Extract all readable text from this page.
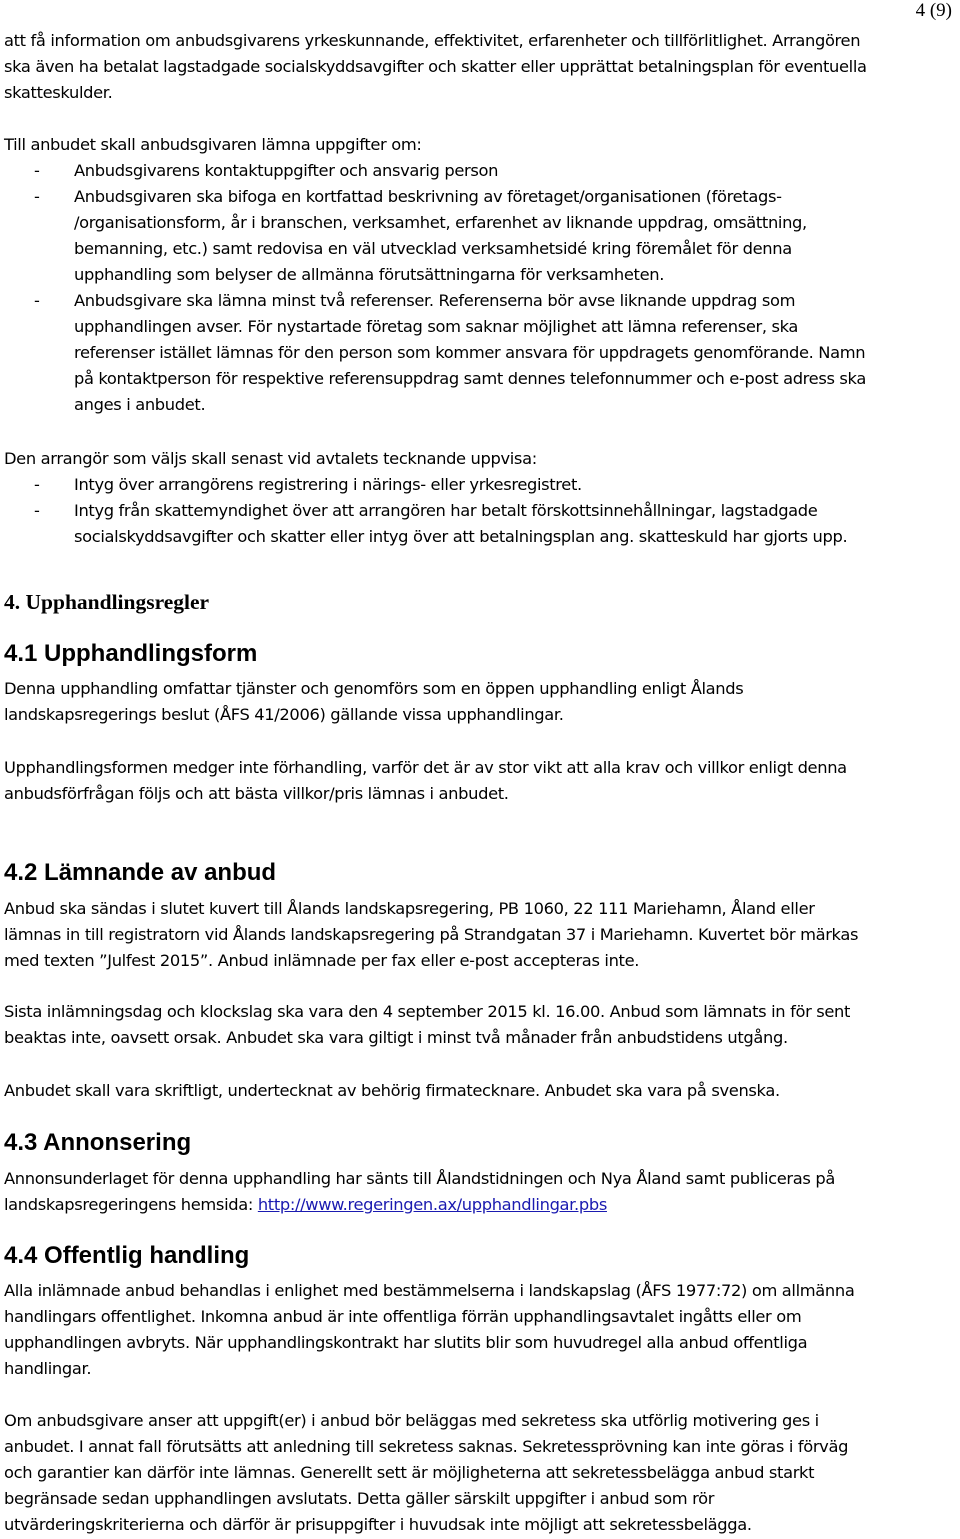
4 (9)
att få information om anbudsgivarens yrkeskunnande, effektivitet, erfarenheter och tillförlitlighet. Arrangören
ska även ha betalat lagstadgade socialskyddsavgifter och skatter eller upprättat betalningsplan för eventuella
skatteskulder.
Till anbudet skall anbudsgivaren lämna uppgifter om:
-	Anbudsgivarens kontaktuppgifter och ansvarig person
-	Anbudsgivaren ska bifoga en kortfattad beskrivning av företaget/organisationen (företags-
/organisationsform, år i branschen, verksamhet, erfarenhet av liknande uppdrag, omsättning,
bemanning, etc.) samt redovisa en väl utvecklad verksamhetsidé kring föremålet för denna
upphandling som belyser de allmänna förutsättningarna för verksamheten.
-	Anbudsgivare ska lämna minst två referenser. Referenserna bör avse liknande uppdrag som
upphandlingen avser. För nystartade företag som saknar möjlighet att lämna referenser, ska
referenser istället lämnas för den person som kommer ansvara för uppdragets genomförande. Namn
på kontaktperson för respektive referensuppdrag samt dennes telefonnummer och e-post adress ska
anges i anbudet.
Den arrangör som väljs skall senast vid avtalets tecknande uppvisa:
-	Intyg över arrangörens registrering i närings- eller yrkesregistret.
-	Intyg från skattemyndighet över att arrangören har betalt förskottsinnehållningar, lagstadgade
socialskyddsavgifter och skatter eller intyg över att betalningsplan ang. skatteskuld har gjorts upp.
4. Upphandlingsregler
4.1 Upphandlingsform
Denna upphandling omfattar tjänster och genomförs som en öppen upphandling enligt Ålands
landskapsregerings beslut (ÅFS 41/2006) gällande vissa upphandlingar.
Upphandlingsformen medger inte förhandling, varför det är av stor vikt att alla krav och villkor enligt denna
anbudsförfrågan följs och att bästa villkor/pris lämnas i anbudet.
4.2 Lämnande av anbud
Anbud ska sändas i slutet kuvert till Ålands landskapsregering, PB 1060, 22 111 Mariehamn, Åland eller
lämnas in till registratorn vid Ålands landskapsregering på Strandgatan 37 i Mariehamn. Kuvertet bör märkas
med texten ”Julfest 2015”. Anbud inlämnade per fax eller e-post accepteras inte.
Sista inlämningsdag och klockslag ska vara den 4 september 2015 kl. 16.00. Anbud som lämnats in för sent
beaktas inte, oavsett orsak. Anbudet ska vara giltigt i minst två månader från anbudstidens utgång.
Anbudet skall vara skriftligt, undertecknat av behörig firmatecknare. Anbudet ska vara på svenska.
4.3 Annonsering
Annonsunderlaget för denna upphandling har sänts till Ålandstidningen och Nya Åland samt publiceras på
landskapsregeringens hemsida: http://www.regeringen.ax/upphandlingar.pbs
4.4 Offentlig handling
Alla inlämnade anbud behandlas i enlighet med bestämmelserna i landskapslag (ÅFS 1977:72) om allmänna
handlingars offentlighet. Inkomna anbud är inte offentliga förrän upphandlingsavtalet ingåtts eller om
upphandlingen avbryts. När upphandlingskontrakt har slutits blir som huvudregel alla anbud offentliga
handlingar.
Om anbudsgivare anser att uppgift(er) i anbud bör beläggas med sekretess ska utförlig motivering ges i
anbudet. I annat fall förutsätts att anledning till sekretess saknas. Sekretessprövning kan inte göras i förväg
och garantier kan därför inte lämnas. Generellt sett är möjligheterna att sekretessbelägga anbud starkt
begränsade sedan upphandlingen avslutats. Detta gäller särskilt uppgifter i anbud som rör
utvärderingskriterierna och därför är prisuppgifter i huvudsak inte möjligt att sekretessbelägga.
